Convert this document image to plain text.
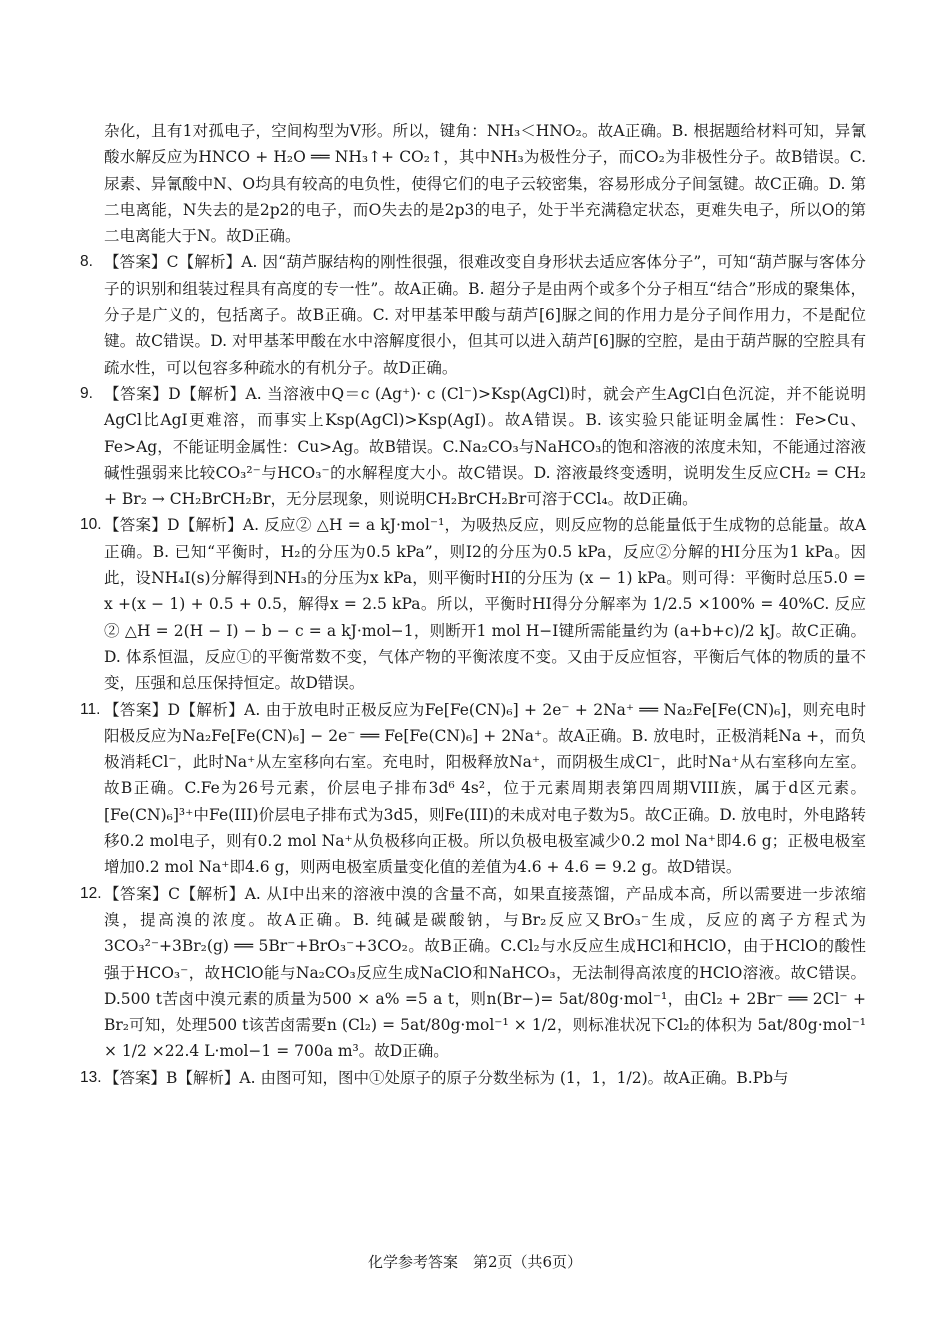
杂化，且有1对孤电子，空间构型为V形。所以，键角：NH₃＜HNO₂。故A正确。B. 根据题给材料可知，异氰酸水解反应为HNCO + H₂O ══ NH₃↑+ CO₂↑，其中NH₃为极性分子，而CO₂为非极性分子。故B错误。C. 尿素、异氰酸中N、O均具有较高的电负性，使得它们的电子云较密集，容易形成分子间氢键。故C正确。D. 第二电离能，N失去的是2p2的电子，而O失去的是2p3的电子，处于半充满稳定状态，更难失电子，所以O的第二电离能大于N。故D正确。

8. 【答案】C【解析】A. 因“葫芦脲结构的刚性很强，很难改变自身形状去适应客体分子”，可知“葫芦脲与客体分子的识别和组装过程具有高度的专一性”。故A正确。B. 超分子是由两个或多个分子相互“结合”形成的聚集体，分子是广义的，包括离子。故B正确。C. 对甲基苯甲酸与葫芦[6]脲之间的作用力是分子间作用力，不是配位键。故C错误。D. 对甲基苯甲酸在水中溶解度很小，但其可以进入葫芦[6]脲的空腔，是由于葫芦脲的空腔具有疏水性，可以包容多种疏水的有机分子。故D正确。

9. 【答案】D【解析】A. 当溶液中Q＝c (Ag⁺)· c (Cl⁻)>Ksp(AgCl)时，就会产生AgCl白色沉淀，并不能说明AgCl比AgI更难溶，而事实上Ksp(AgCl)>Ksp(AgI)。故A错误。B. 该实验只能证明金属性：Fe>Cu、Fe>Ag，不能证明金属性：Cu>Ag。故B错误。C.Na₂CO₃与NaHCO₃的饱和溶液的浓度未知，不能通过溶液碱性强弱来比较CO₃²⁻与HCO₃⁻的水解程度大小。故C错误。D. 溶液最终变透明，说明发生反应CH₂ = CH₂ + Br₂ → CH₂BrCH₂Br，无分层现象，则说明CH₂BrCH₂Br可溶于CCl₄。故D正确。

10. 【答案】D【解析】A. 反应② △H = a kJ·mol⁻¹，为吸热反应，则反应物的总能量低于生成物的总能量。故A正确。B. 已知“平衡时，H₂的分压为0.5 kPa”，则I2的分压为0.5 kPa，反应②分解的HI分压为1 kPa。因此，设NH₄I(s)分解得到NH₃的分压为x kPa，则平衡时HI的分压为 (x − 1) kPa。则可得：平衡时总压5.0 = x +(x − 1) + 0.5 + 0.5，解得x = 2.5 kPa。所以，平衡时HI得分分解率为 1/2.5 ×100% = 40%C. 反应② △H = 2(H − I) − b − c = a kJ·mol−1，则断开1 mol H−I键所需能量约为 (a+b+c)/2 kJ。故C正确。D. 体系恒温，反应①的平衡常数不变，气体产物的平衡浓度不变。又由于反应恒容，平衡后气体的物质的量不变，压强和总压保持恒定。故D错误。

11. 【答案】D【解析】A. 由于放电时正极反应为Fe[Fe(CN)₆] + 2e⁻ + 2Na⁺ ══ Na₂Fe[Fe(CN)₆]，则充电时阳极反应为Na₂Fe[Fe(CN)₆] − 2e⁻ ══ Fe[Fe(CN)₆] + 2Na⁺。故A正确。B. 放电时，正极消耗Na +，而负极消耗Cl⁻，此时Na⁺从左室移向右室。充电时，阳极释放Na⁺，而阴极生成Cl⁻，此时Na⁺从右室移向左室。故B正确。C.Fe为26号元素，价层电子排布3d⁶ 4s²，位于元素周期表第四周期VIII族，属于d区元素。[Fe(CN)₆]³⁺中Fe(III)价层电子排布式为3d5，则Fe(III)的未成对电子数为5。故C正确。D. 放电时，外电路转移0.2 mol电子，则有0.2 mol Na⁺从负极移向正极。所以负极电极室减少0.2 mol Na⁺即4.6 g；正极电极室增加0.2 mol Na⁺即4.6 g，则两电极室质量变化值的差值为4.6 + 4.6 = 9.2 g。故D错误。

12. 【答案】C【解析】A. 从I中出来的溶液中溴的含量不高，如果直接蒸馏，产品成本高，所以需要进一步浓缩溴，提高溴的浓度。故A正确。B. 纯碱是碳酸钠，与Br₂反应又BrO₃⁻生成，反应的离子方程式为3CO₃²⁻+3Br₂(g) ══ 5Br⁻+BrO₃⁻+3CO₂。故B正确。C.Cl₂与水反应生成HCl和HClO，由于HClO的酸性强于HCO₃⁻，故HClO能与Na₂CO₃反应生成NaClO和NaHCO₃，无法制得高浓度的HClO溶液。故C错误。D.500 t苦卤中溴元素的质量为500 × a% =5 a t，则n(Br−)= 5at/80g·mol⁻¹，由Cl₂ + 2Br⁻ ══ 2Cl⁻ + Br₂可知，处理500 t该苦卤需要n (Cl₂) = 5at/80g·mol⁻¹ × 1/2，则标准状况下Cl₂的体积为 5at/80g·mol⁻¹ × 1/2 ×22.4 L·mol−1 = 700a m³。故D正确。

13. 【答案】B【解析】A. 由图可知，图中①处原子的原子分数坐标为 (1，1，1/2)。故A正确。B.Pb与

化学参考答案　第2页（共6页）
